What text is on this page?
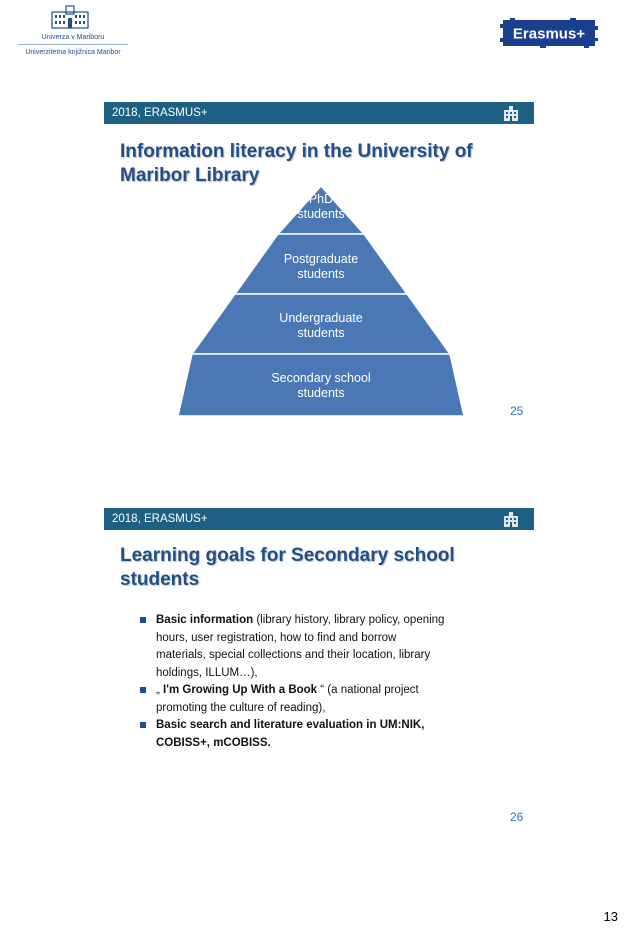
Univerza v Mariboru
Univerzitetna knjižnica Maribor
Erasmus+
2018, ERASMUS+
Information literacy in the University of
Maribor Library
PhD
students
Postgraduate
students
Undergraduate
students
Secondary school
students
25
2018, ERASMUS+
Learning goals for Secondary school
students
Basic information (library history, library policy, opening
hours, user registration, how to find and borrow
materials, special collections and their location, library
holdings, ILLUM…),
„ I'm Growing Up With a Book “ (a national project
promoting the culture of reading),
Basic search and literature evaluation in UM:NIK,
COBISS+, mCOBISS.
26
13
